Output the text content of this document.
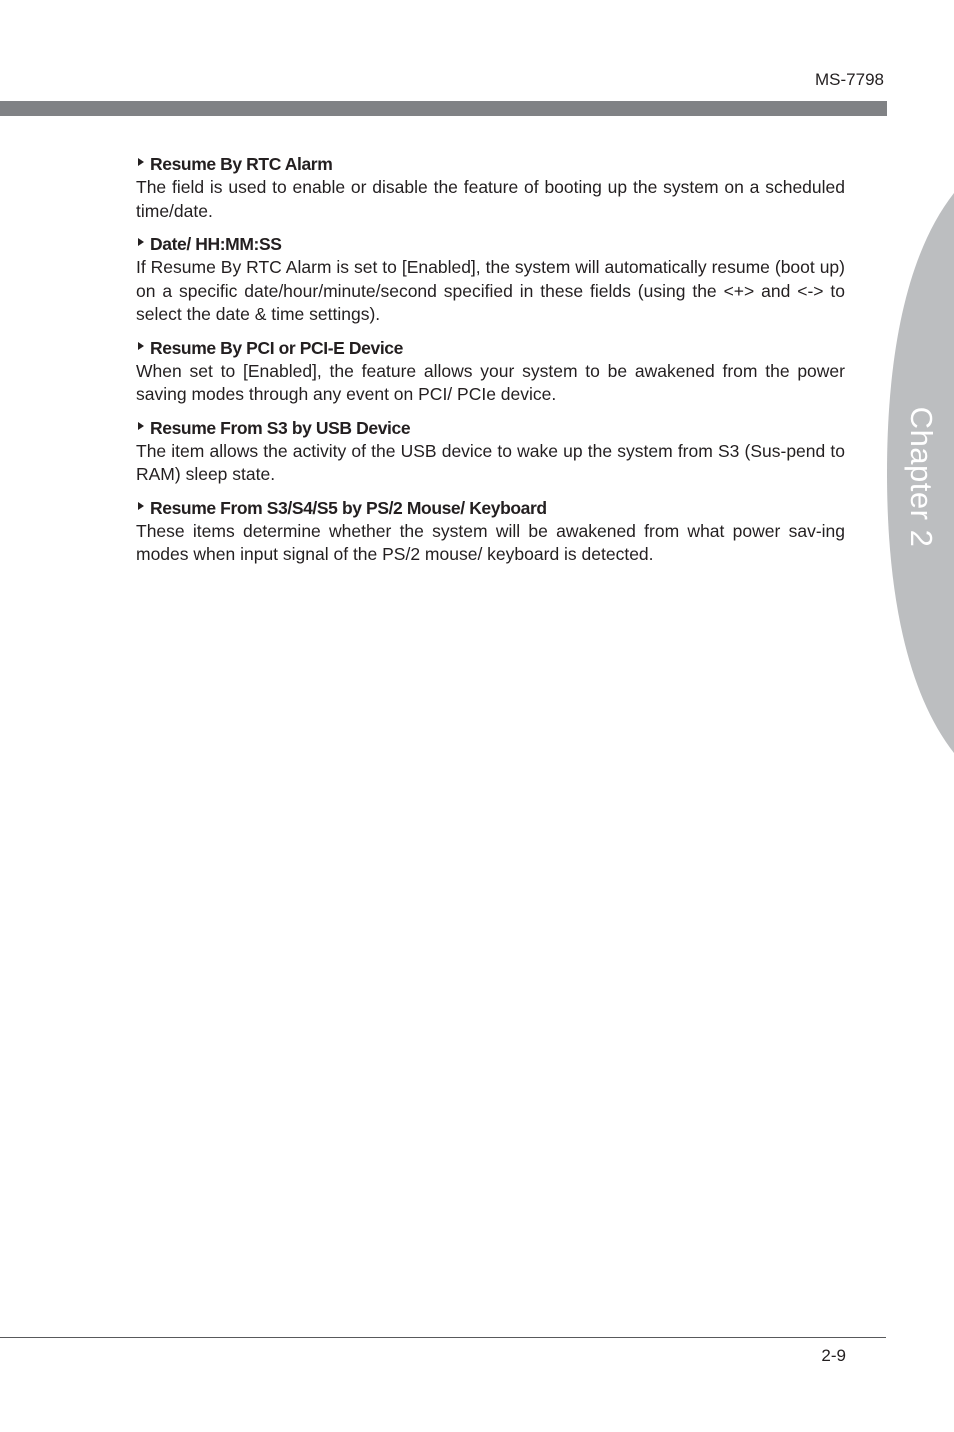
MS-7798
Chapter 2
Resume By RTC Alarm
The field is used to enable or disable the feature of booting up the system on a scheduled time/date.
Date/ HH:MM:SS
If Resume By RTC Alarm is set to [Enabled], the system will automatically resume (boot up) on a specific date/hour/minute/second specified in these fields (using the <+> and <-> to select the date & time settings).
Resume By PCI or PCI-E Device
When set to [Enabled], the feature allows your system to be awakened from the power saving modes through any event on PCI/ PCIe device.
Resume From S3 by USB Device
The item allows the activity of the USB device to wake up the system from S3 (Sus-pend to RAM) sleep state.
Resume From S3/S4/S5 by PS/2 Mouse/ Keyboard
These items determine whether the system will be awakened from what power sav-ing modes when input signal of the PS/2 mouse/ keyboard is detected.
2-9
